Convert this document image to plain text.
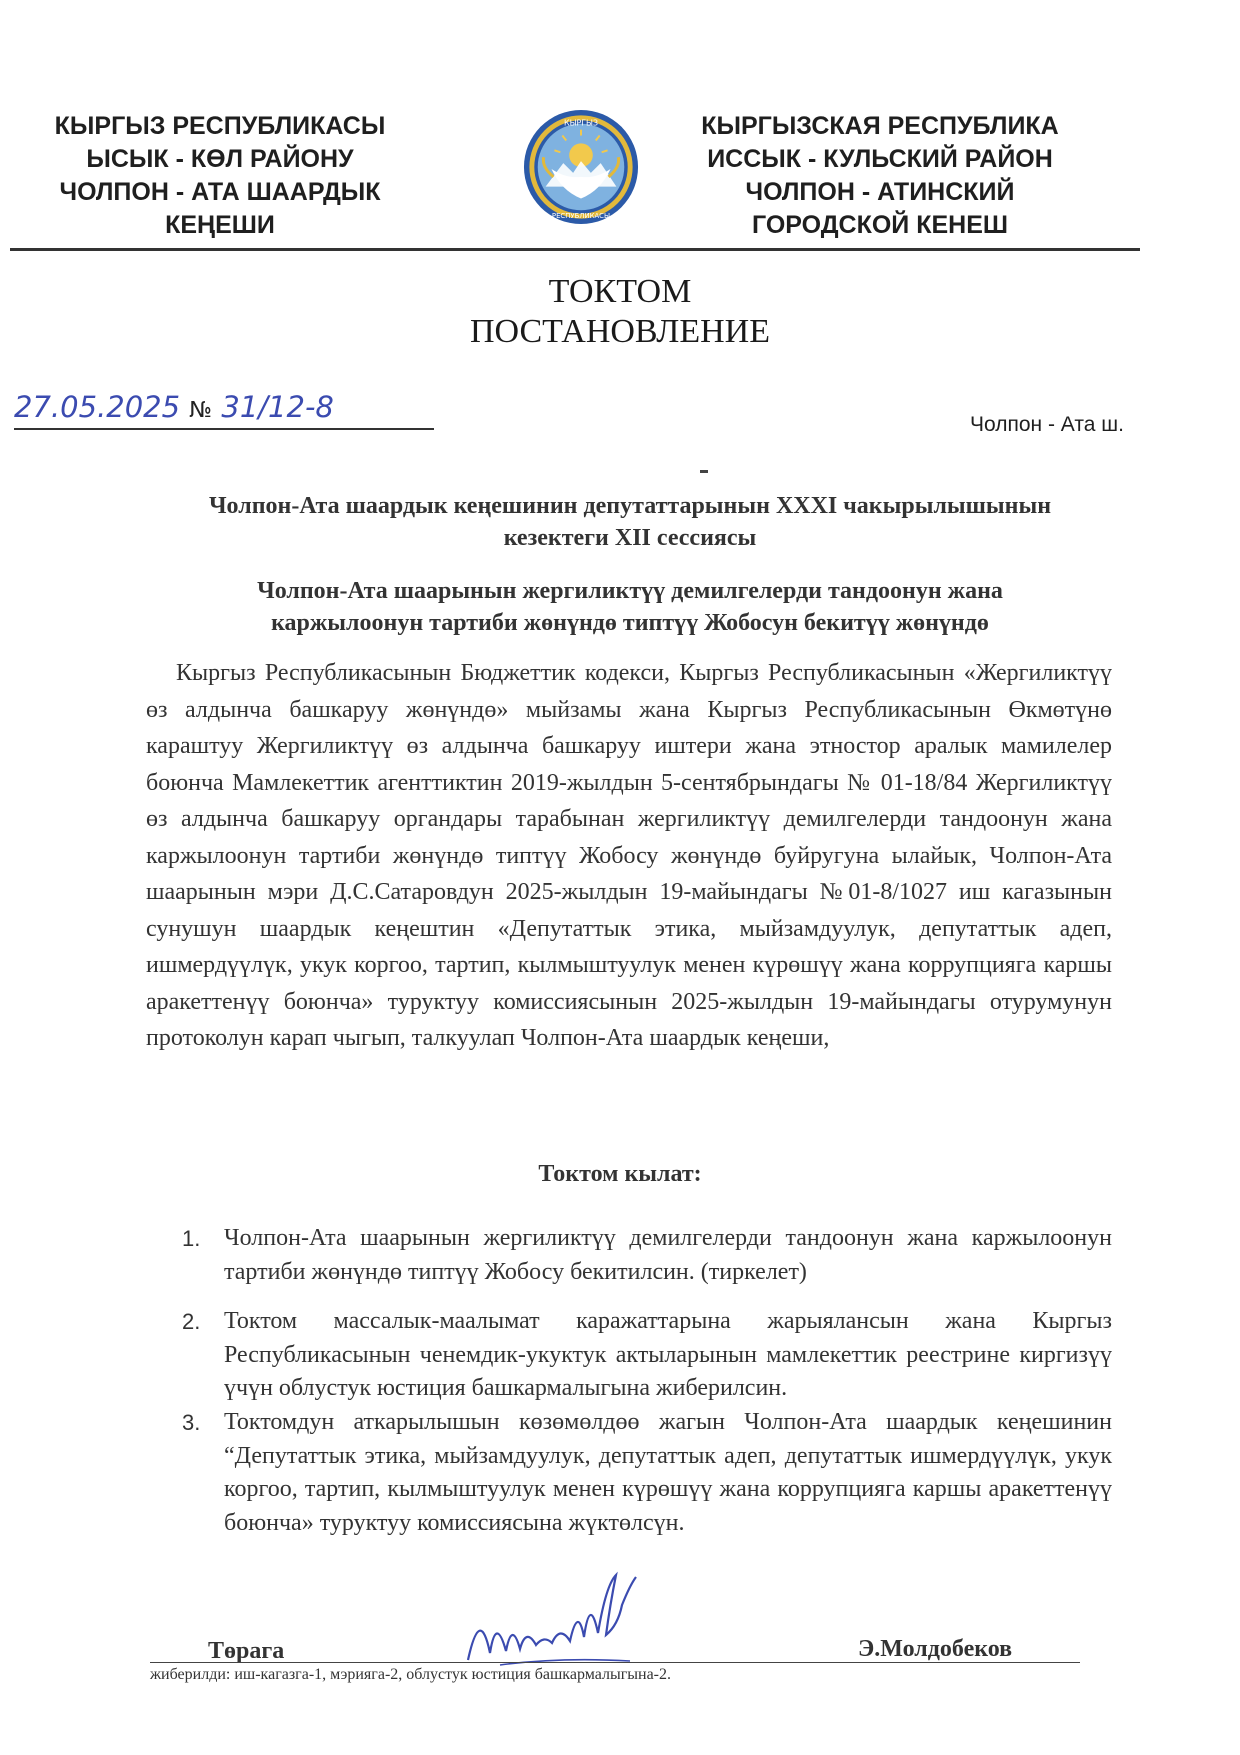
КЫРГЫЗ РЕСПУБЛИКАСЫ
ЫСЫК - КӨЛ РАЙОНУ
ЧОЛПОН - АТА ШААРДЫК
КЕҢЕШИ
КЫРГЫЗ
РЕСПУБЛИКАСЫ
КЫРГЫЗСКАЯ РЕСПУБЛИКА
ИССЫК - КУЛЬСКИЙ РАЙОН
ЧОЛПОН - АТИНСКИЙ
ГОРОДСКОЙ КЕНЕШ
ТОКТОМ
ПОСТАНОВЛЕНИЕ
27.05.2025 № 31/12-8
Чолпон - Ата ш.
Чолпон-Ата шаардык кеңешинин депутаттарынын XXXI чакырылышынын
кезектеги XII сессиясы
Чолпон-Ата шаарынын жергиликтүү демилгелерди тандоонун жана
каржылоонун тартиби жөнүндө типтүү Жобосун бекитүү жөнүндө
Кыргыз Республикасынын Бюджеттик кодекси, Кыргыз Республикасынын «Жергиликтүү өз алдынча башкаруу жөнүндө» мыйзамы жана Кыргыз Республикасынын Өкмөтүнө караштуу Жергиликтүү өз алдынча башкаруу иштери жана этностор аралык мамилелер боюнча Мамлекеттик агенттиктин 2019-жылдын 5-сентябрындагы № 01-18/84 Жергиликтүү өз алдынча башкаруу органдары тарабынан жергиликтүү демилгелерди тандоонун жана каржылоонун тартиби жөнүндө типтүү Жобосу жөнүндө буйругуна ылайык, Чолпон-Ата шаарынын мэри Д.С.Сатаровдун 2025-жылдын 19-майындагы №01-8/1027 иш кагазынын сунушун шаардык кеңештин «Депутаттык этика, мыйзамдуулук, депутаттык адеп, ишмердүүлүк, укук коргоо, тартип, кылмыштуулук менен күрөшүү жана коррупцияга каршы аракеттенүү боюнча» туруктуу комиссиясынын 2025-жылдын 19-майындагы отурумунун протоколун карап чыгып, талкуулап Чолпон-Ата шаардык кеңеши,
Токтом кылат:
1. Чолпон-Ата шаарынын жергиликтүү демилгелерди тандоонун жана каржылоонун тартиби жөнүндө типтүү Жобосу бекитилсин. (тиркелет)
2. Токтом массалык-маалымат каражаттарына жарыялансын жана Кыргыз Республикасынын ченемдик-укуктук актыларынын мамлекеттик реестрине киргизүү үчүн облустук юстиция башкармалыгына жиберилсин.
3. Токтомдун аткарылышын көзөмөлдөө жагын Чолпон-Ата шаардык кеңешинин “Депутаттык этика, мыйзамдуулук, депутаттык адеп, депутаттык ишмердүүлүк, укук коргоо, тартип, кылмыштуулук менен күрөшүү жана коррупцияга каршы аракеттенүү боюнча» туруктуу комиссиясына жүктөлсүн.
Төрага	Э.Молдобеков
жиберилди: иш-кагазга-1, мэрияга-2, облустук юстиция башкармалыгына-2.
